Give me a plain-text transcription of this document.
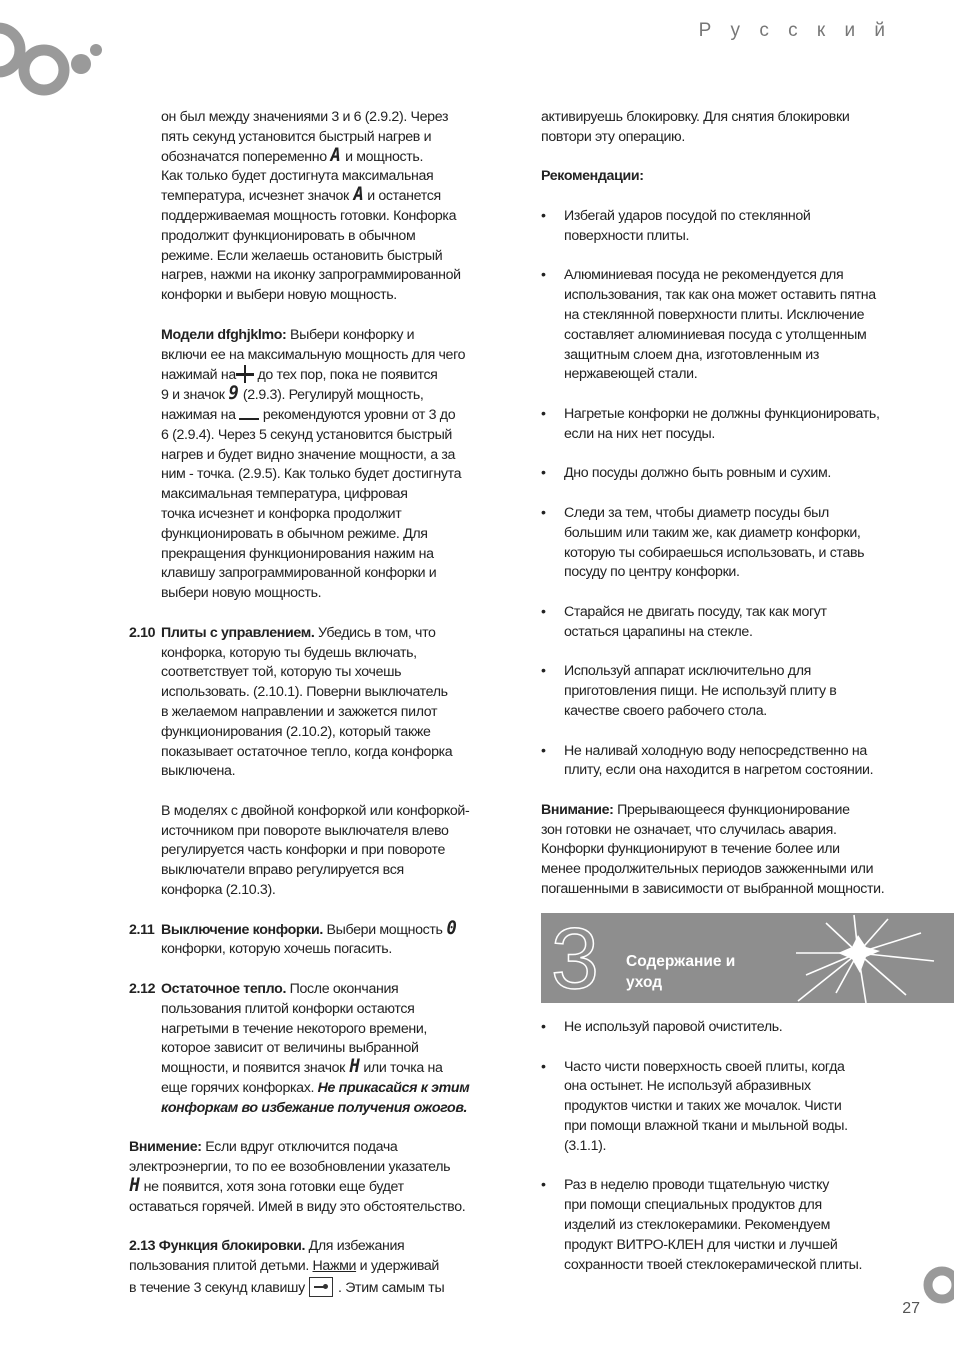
Р у с с к и й
27

он был между значениями 3 и 6 (2.9.2). Через

пять секунд установится быстрый нагрев и

обозначатся попеременно A и мощность.

Как только будет достигнута максимальная

температура, исчезнет значок A и останется

поддерживаемая мощность готовки. Конфорка

продолжит функционировать в обычном

режиме. Если желаешь остановить быстрый

нагрев, нажми на иконку запрограммированной

конфорки и выбери новую мощность.

Модели dfghjklmo: Выбери конфорку и

включи ее на максимальную мощность для чего

нажимай на до тех пор, пока не появится

9 и значок 9 (2.9.3). Регулируй мощность,

нажимая на  рекомендуются уровни от 3 до

6 (2.9.4). Через 5 секунд установится быстрый

нагрев и будет видно значение мощности, а за

ним - точка. (2.9.5). Как только будет достигнута

максимальная температура, цифровая

точка исчезнет и конфорка продолжит

функционировать в обычном режиме. Для

прекращения функционирования нажим на

клавишу запрограммированной конфорки и

выбери новую мощность.

2.10 Плиты с управлением. Убедись в том, что

конфорка, которую ты будешь включать,

соответствует той, которую ты хочешь

использовать. (2.10.1). Поверни выключатель

в желаемом направлении и зажжется пилот

функционирования (2.10.2), который также

показывает остаточное тепло, когда конфорка

выключена.

В моделях с двойной конфоркой или конфоркой-

источником при повороте выключателя влево

регулируется часть конфорки и при повороте

выключатели вправо регулируется вся

конфорка (2.10.3).

2.11 Выключение конфорки. Выбери мощность 0

конфорки, которую хочешь погасить.

2.12 Остаточное тепло. После окончания

пользования плитой конфорки остаются

нагретыми в течение некоторого времени,

которое зависит от величины выбранной

мощности, и появится значок H или точка на

еще горячих конфорках. Не прикасайся к этим

конфоркам во избежание получения ожогов.

Внимение: Если вдруг отключится подача

электроэнергии, то по ее возобновлении указатель

H не появится, хотя зона готовки еще будет

оставаться горячей. Имей в виду это обстоятельство.

2.13 Функция блокировки. Для избежания

пользования плитой детьми. Нажми и удерживай

в течение 3 секунд клавишу  . Этим самым ты

активируешь блокировку. Для снятия блокировки

повтори эту операцию.

Рекомендации:

• Избегай ударов посудой по стеклянной

поверхности плиты.

• Алюминиевая посуда не рекомендуется для

использования, так как она может оставить пятна

на стеклянной поверхности плиты. Исключение

составляет алюминиевая посуда с утолщенным

защитным слоем дна, изготовленным из

нержавеющей стали.

• Нагретые конфорки не должны функционировать,

если на них нет посуды.

• Дно посуды должно быть ровным и сухим.

• Следи за тем, чтобы диаметр посуды был

большим или таким же, как диаметр конфорки,

которую ты собираешься использовать, и ставь

посуду по центру конфорки.

• Старайся не двигать посуду, так как могут

остаться царапины на стекле.

• Используй аппарат исключительно для

приготовления пищи. Не используй плиту в

качестве своего рабочего стола.

• Не наливай холодную воду непосредственно на

плиту, если она находится в нагретом состоянии.

Внимание: Прерывающееся функционирование

зон готовки не означает, что случилась авария.

Конфорки функционируют в течение более или

менее продолжительных периодов зажженными или

погашенными в зависимости от выбранной мощности.

3 Содержание и
уход
• Не используй паровой очиститель.

• Часто чисти поверхность своей плиты, когда

она остынет. Не используй абразивных

продуктов чистки и таких же мочалок. Чисти

при помощи влажной ткани и мыльной воды.

(3.1.1).

• Раз в неделю проводи тщательную чистку

при помощи специальных продуктов для

изделий из стеклокерамики. Рекомендуем

продукт ВИТРО-КЛЕН для чистки и лучшей

сохранности твоей стеклокерамической плиты.
